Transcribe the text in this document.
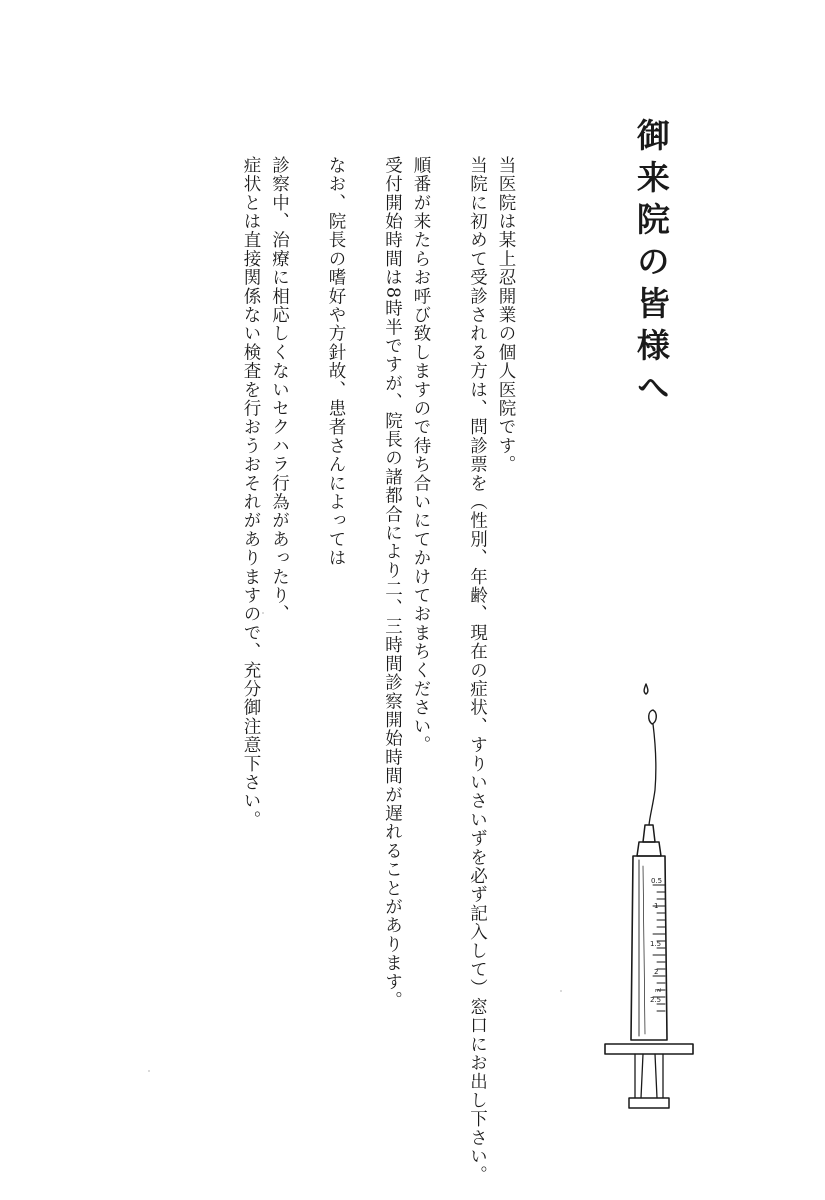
御来院の皆様へ

当医院は某上忍開業の個人医院です。

当院に初めて受診される方は、問診票を（性別、年齢、現在の症状、すりいさいずを必ず記入して）窓口にお出し下さい。

順番が来たらお呼び致しますので待ち合いにてかけておまちください。

受付開始時間は8時半ですが、院長の諸都合により二、三時間診察開始時間が遅れることがあります。

なお、院長の嗜好や方針故、患者さんによっては

診察中、治療に相応しくないセクハラ行為があったり、

症状とは直接関係ない検査を行おうおそれがありますので、充分御注意下さい。

0.5
1
1.5
2
2.5
ml
